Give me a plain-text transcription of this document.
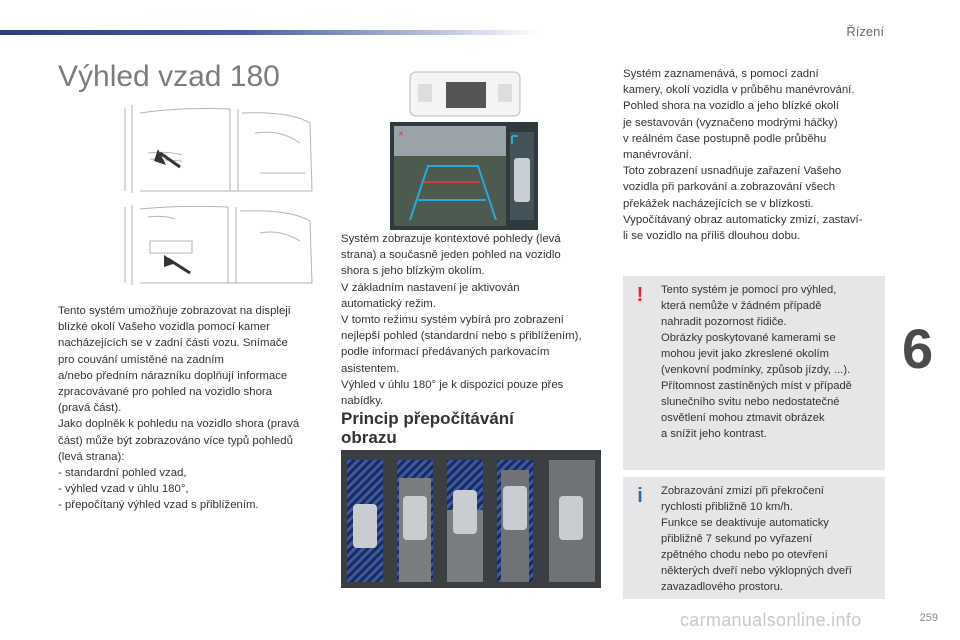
Řízení
Výhled vzad 180
✕

Tento systém umožňuje zobrazovat na displeji
blízké okolí Vašeho vozidla pomocí kamer
nacházejících se v zadní části vozu. Snímače
pro couvání umístěné na zadním
a/nebo předním nárazníku doplňují informace
zpracovávané pro pohled na vozidlo shora
(pravá část).
Jako doplněk k pohledu na vozidlo shora (pravá
část) může být zobrazováno více typů pohledů
(levá strana):
- standardní pohled vzad,
- výhled vzad v úhlu 180°,
- přepočítaný výhled vzad s přiblížením.

Systém zobrazuje kontextové pohledy (levá
strana) a současně jeden pohled na vozidlo
shora s jeho blízkým okolím.
V základním nastavení je aktivován
automatický režim.
V tomto režimu systém vybírá pro zobrazení
nejlepší pohled (standardní nebo s přiblížením),
podle informací předávaných parkovacím
asistentem.
Výhled v úhlu 180° je k dispozici pouze přes
nabídky.

Princip přepočítávání
obrazu

Systém zaznamenává, s pomocí zadní
kamery, okolí vozidla v průběhu manévrování.
Pohled shora na vozidlo a jeho blízké okolí
je sestavován (vyznačeno modrými háčky)
v reálném čase postupně podle průběhu
manévrování.
Toto zobrazení usnadňuje zařazení Vašeho
vozidla při parkování a zobrazování všech
překážek nacházejících se v blízkosti.
Vypočítávaný obraz automaticky zmizí, zastaví-
li se vozidlo na příliš dlouhou dobu.

!	Tento systém je pomocí pro výhled,
která nemůže v žádném případě
nahradit pozornost řidiče.
Obrázky poskytované kamerami se
mohou jevit jako zkreslené okolím
(venkovní podmínky, způsob jízdy, ...).
Přítomnost zastíněných míst v případě
slunečního svitu nebo nedostatečné
osvětlení mohou ztmavit obrázek
a snížit jeho kontrast.

i	Zobrazování zmizí při překročení
rychlosti přibližně 10 km/h.
Funkce se deaktivuje automaticky
přibližně 7 sekund po vyřazení
zpětného chodu nebo po otevření
některých dveří nebo výklopných dveří
zavazadlového prostoru.

6
259
carmanualsonline.info
